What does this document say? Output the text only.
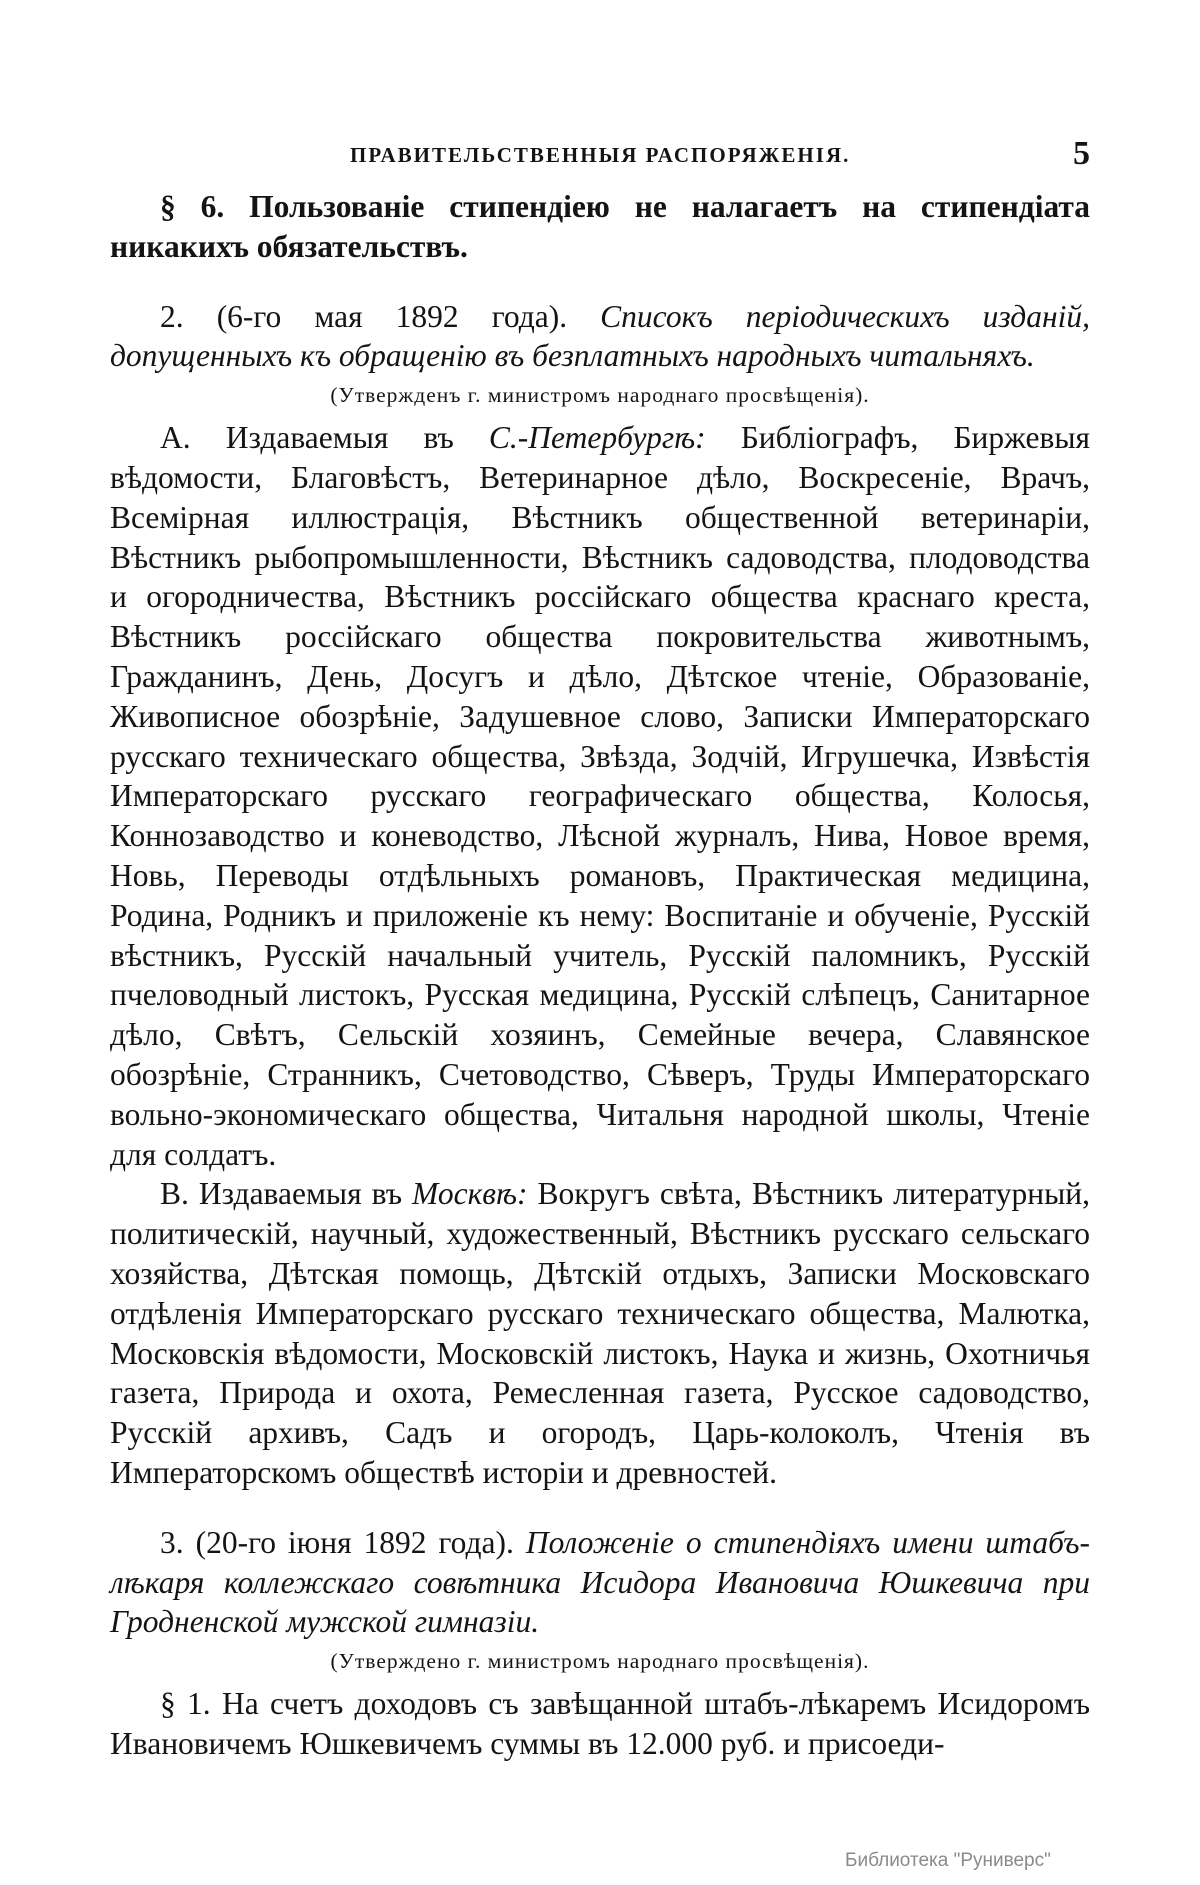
ПРАВИТЕЛЬСТВЕННЫЯ РАСПОРЯЖЕНІЯ.	5

§ 6. Пользованіе стипендіею не налагаетъ на стипендіата никакихъ обязательствъ.

2. (6-го мая 1892 года). Списокъ періодическихъ изданій, допущенныхъ къ обращенію въ безплатныхъ народныхъ читальняхъ.

(Утвержденъ г. министромъ народнаго просвѣщенія).

А. Издаваемыя въ С.-Петербургѣ: Библіографъ, Биржевыя вѣдомости, Благовѣстъ, Ветеринарное дѣло, Воскресеніе, Врачъ, Всемірная иллюстрація, Вѣстникъ общественной ветеринаріи, Вѣстникъ рыбопромышленности, Вѣстникъ садоводства, плодоводства и огородничества, Вѣстникъ россійскаго общества краснаго креста, Вѣстникъ россійскаго общества покровительства животнымъ, Гражданинъ, День, Досугъ и дѣло, Дѣтское чтеніе, Образованіе, Живописное обозрѣніе, Задушевное слово, Записки Императорскаго русскаго техническаго общества, Звѣзда, Зодчій, Игрушечка, Извѣстія Императорскаго русскаго географическаго общества, Колосья, Коннозаводство и коневодство, Лѣсной журналъ, Нива, Новое время, Новь, Переводы отдѣльныхъ романовъ, Практическая медицина, Родина, Родникъ и приложеніе къ нему: Воспитаніе и обученіе, Русскій вѣстникъ, Русскій начальный учитель, Русскій паломникъ, Русскій пчеловодный листокъ, Русская медицина, Русскій слѣпецъ, Санитарное дѣло, Свѣтъ, Сельскій хозяинъ, Семейные вечера, Славянское обозрѣніе, Странникъ, Счетоводство, Сѣверъ, Труды Императорскаго вольно-экономическаго общества, Читальня народной школы, Чтеніе для солдатъ.

В. Издаваемыя въ Москвѣ: Вокругъ свѣта, Вѣстникъ литературный, политическій, научный, художественный, Вѣстникъ русскаго сельскаго хозяйства, Дѣтская помощь, Дѣтскій отдыхъ, Записки Московскаго отдѣленія Императорскаго русскаго техническаго общества, Малютка, Московскія вѣдомости, Московскій листокъ, Наука и жизнь, Охотничья газета, Природа и охота, Ремесленная газета, Русское садоводство, Русскій архивъ, Садъ и огородъ, Царь-колоколъ, Чтенія въ Императорскомъ обществѣ исторіи и древностей.

3. (20-го іюня 1892 года). Положеніе о стипендіяхъ имени штабъ-лѣкаря коллежскаго совѣтника Исидора Ивановича Юшкевича при Гродненской мужской гимназіи.

(Утверждено г. министромъ народнаго просвѣщенія).

§ 1. На счетъ доходовъ съ завѣщанной штабъ-лѣкаремъ Исидоромъ Ивановичемъ Юшкевичемъ суммы въ 12.000 руб. и присоеди-

Библиотека "Руниверс"
